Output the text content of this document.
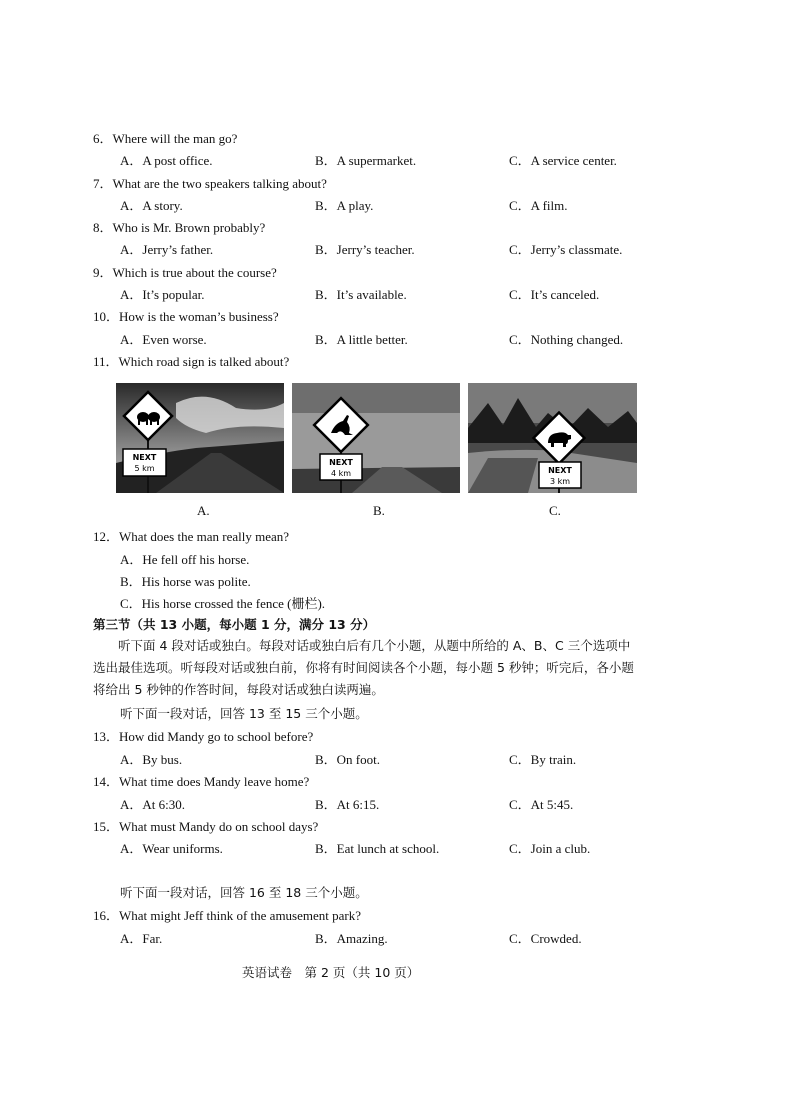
6．Where will the man go?
A．A post office.	B．A supermarket.	C．A service center.
7．What are the two speakers talking about?
A．A story.	B．A play.	C．A film.
8．Who is Mr. Brown probably?
A．Jerry’s father.	B．Jerry’s teacher.	C．Jerry’s classmate.
9．Which is true about the course?
A．It’s popular.	B．It’s available.	C．It’s canceled.
10．How is the woman’s business?
A．Even worse.	B．A little better.	C．Nothing changed.
11．Which road sign is talked about?
NEXT
5 km
NEXT
4 km	NEXT
3 km
A.	B.	C.
12．What does the man really mean?
A．He fell off his horse.
B．His horse was polite.
C．His horse crossed the fence (栅栏).
第三节（共 13 小题，每小题 1 分，满分 13 分）
听下面 4 段对话或独白。每段对话或独白后有几个小题，从题中所给的 A、B、C 三个选项中选出最佳选项。听每段对话或独白前，你将有时间阅读各个小题，每小题 5 秒钟；听完后，各小题将给出 5 秒钟的作答时间，每段对话或独白读两遍。
听下面一段对话，回答 13 至 15 三个小题。
13．How did Mandy go to school before?
A．By bus.	B．On foot.	C．By train.
14．What time does Mandy leave home?
A．At 6:30.	B．At 6:15.	C．At 5:45.
15．What must Mandy do on school days?
A．Wear uniforms.	B．Eat lunch at school.	C．Join a club.
听下面一段对话，回答 16 至 18 三个小题。
16．What might Jeff think of the amusement park?
A．Far.	B．Amazing.	C．Crowded.
英语试卷　第 2 页（共 10 页）
